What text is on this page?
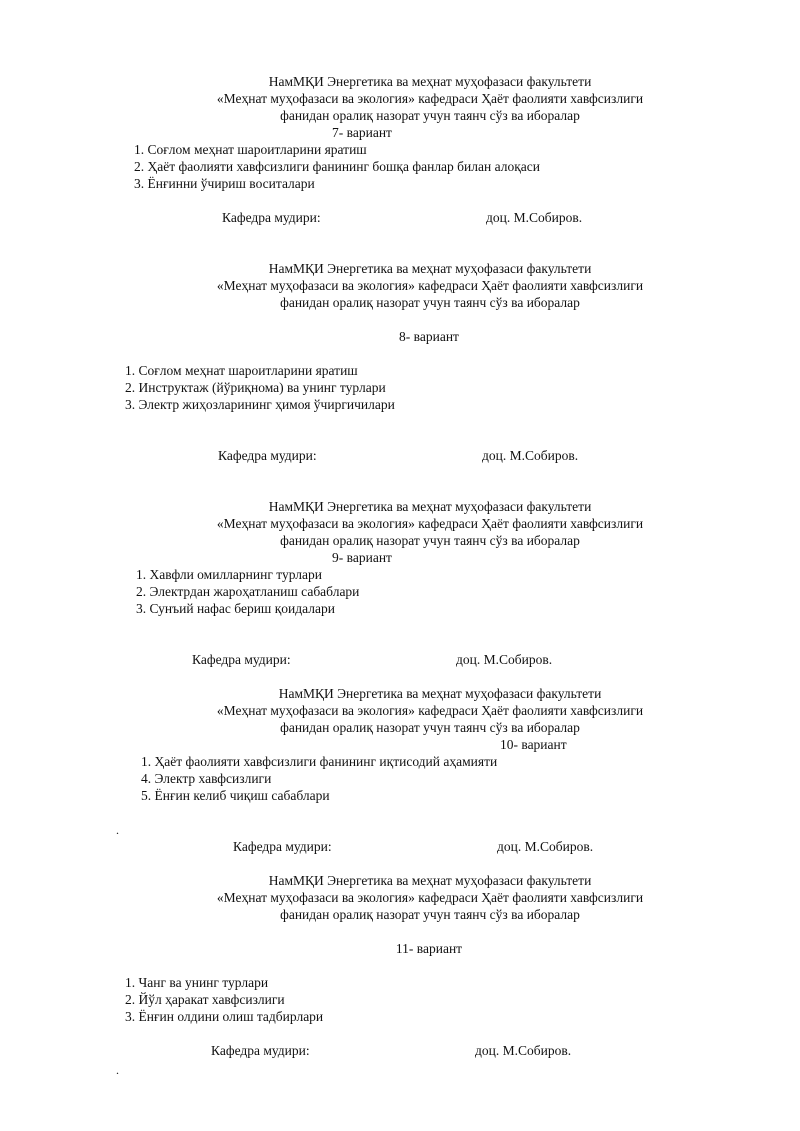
НамМҚИ Энергетика ва меҳнат муҳофазаси факультети
«Меҳнат муҳофазаси ва экология» кафедраси Ҳаёт фаолияти хавфсизлиги
фанидан оралиқ назорат учун таянч сўз ва иборалар
7- вариант
1. Соғлом меҳнат шароитларини яратиш
2. Ҳаёт фаолияти хавфсизлиги фанининг бошқа фанлар билан алоқаси
3. Ёнғинни ўчириш воситалари
Кафедра мудири:	доц. М.Собиров.
НамМҚИ Энергетика ва меҳнат муҳофазаси факультети
«Меҳнат муҳофазаси ва экология» кафедраси Ҳаёт фаолияти хавфсизлиги
фанидан оралиқ назорат учун таянч сўз ва иборалар
8- вариант
1. Соғлом меҳнат шароитларини яратиш
2. Инструктаж (йўриқнома) ва унинг турлари
3. Электр жиҳозларининг ҳимоя ўчиргичилари
Кафедра мудири:	доц. М.Собиров.
НамМҚИ Энергетика ва меҳнат муҳофазаси факультети
«Меҳнат муҳофазаси ва экология» кафедраси Ҳаёт фаолияти хавфсизлиги
фанидан оралиқ назорат учун таянч сўз ва иборалар
9- вариант
1. Хавфли омилларнинг турлари
2. Электрдан жароҳатланиш сабаблари
3. Сунъий нафас бериш қоидалари
Кафедра мудири:	доц. М.Собиров.
НамМҚИ Энергетика ва меҳнат муҳофазаси факультети
«Меҳнат муҳофазаси ва экология» кафедраси Ҳаёт фаолияти хавфсизлиги
фанидан оралиқ назорат учун таянч сўз ва иборалар
10- вариант
1. Ҳаёт фаолияти хавфсизлиги фанининг иқтисодий аҳамияти
4. Электр хавфсизлиги
5. Ёнғин келиб чиқиш сабаблари
.
Кафедра мудири:	доц. М.Собиров.
НамМҚИ Энергетика ва меҳнат муҳофазаси факультети
«Меҳнат муҳофазаси ва экология» кафедраси Ҳаёт фаолияти хавфсизлиги
фанидан оралиқ назорат учун таянч сўз ва иборалар
11- вариант
1. Чанг ва унинг турлари
2. Йўл ҳаракат хавфсизлиги
3. Ёнғин олдини олиш тадбирлари
Кафедра мудири:	доц. М.Собиров.
.
